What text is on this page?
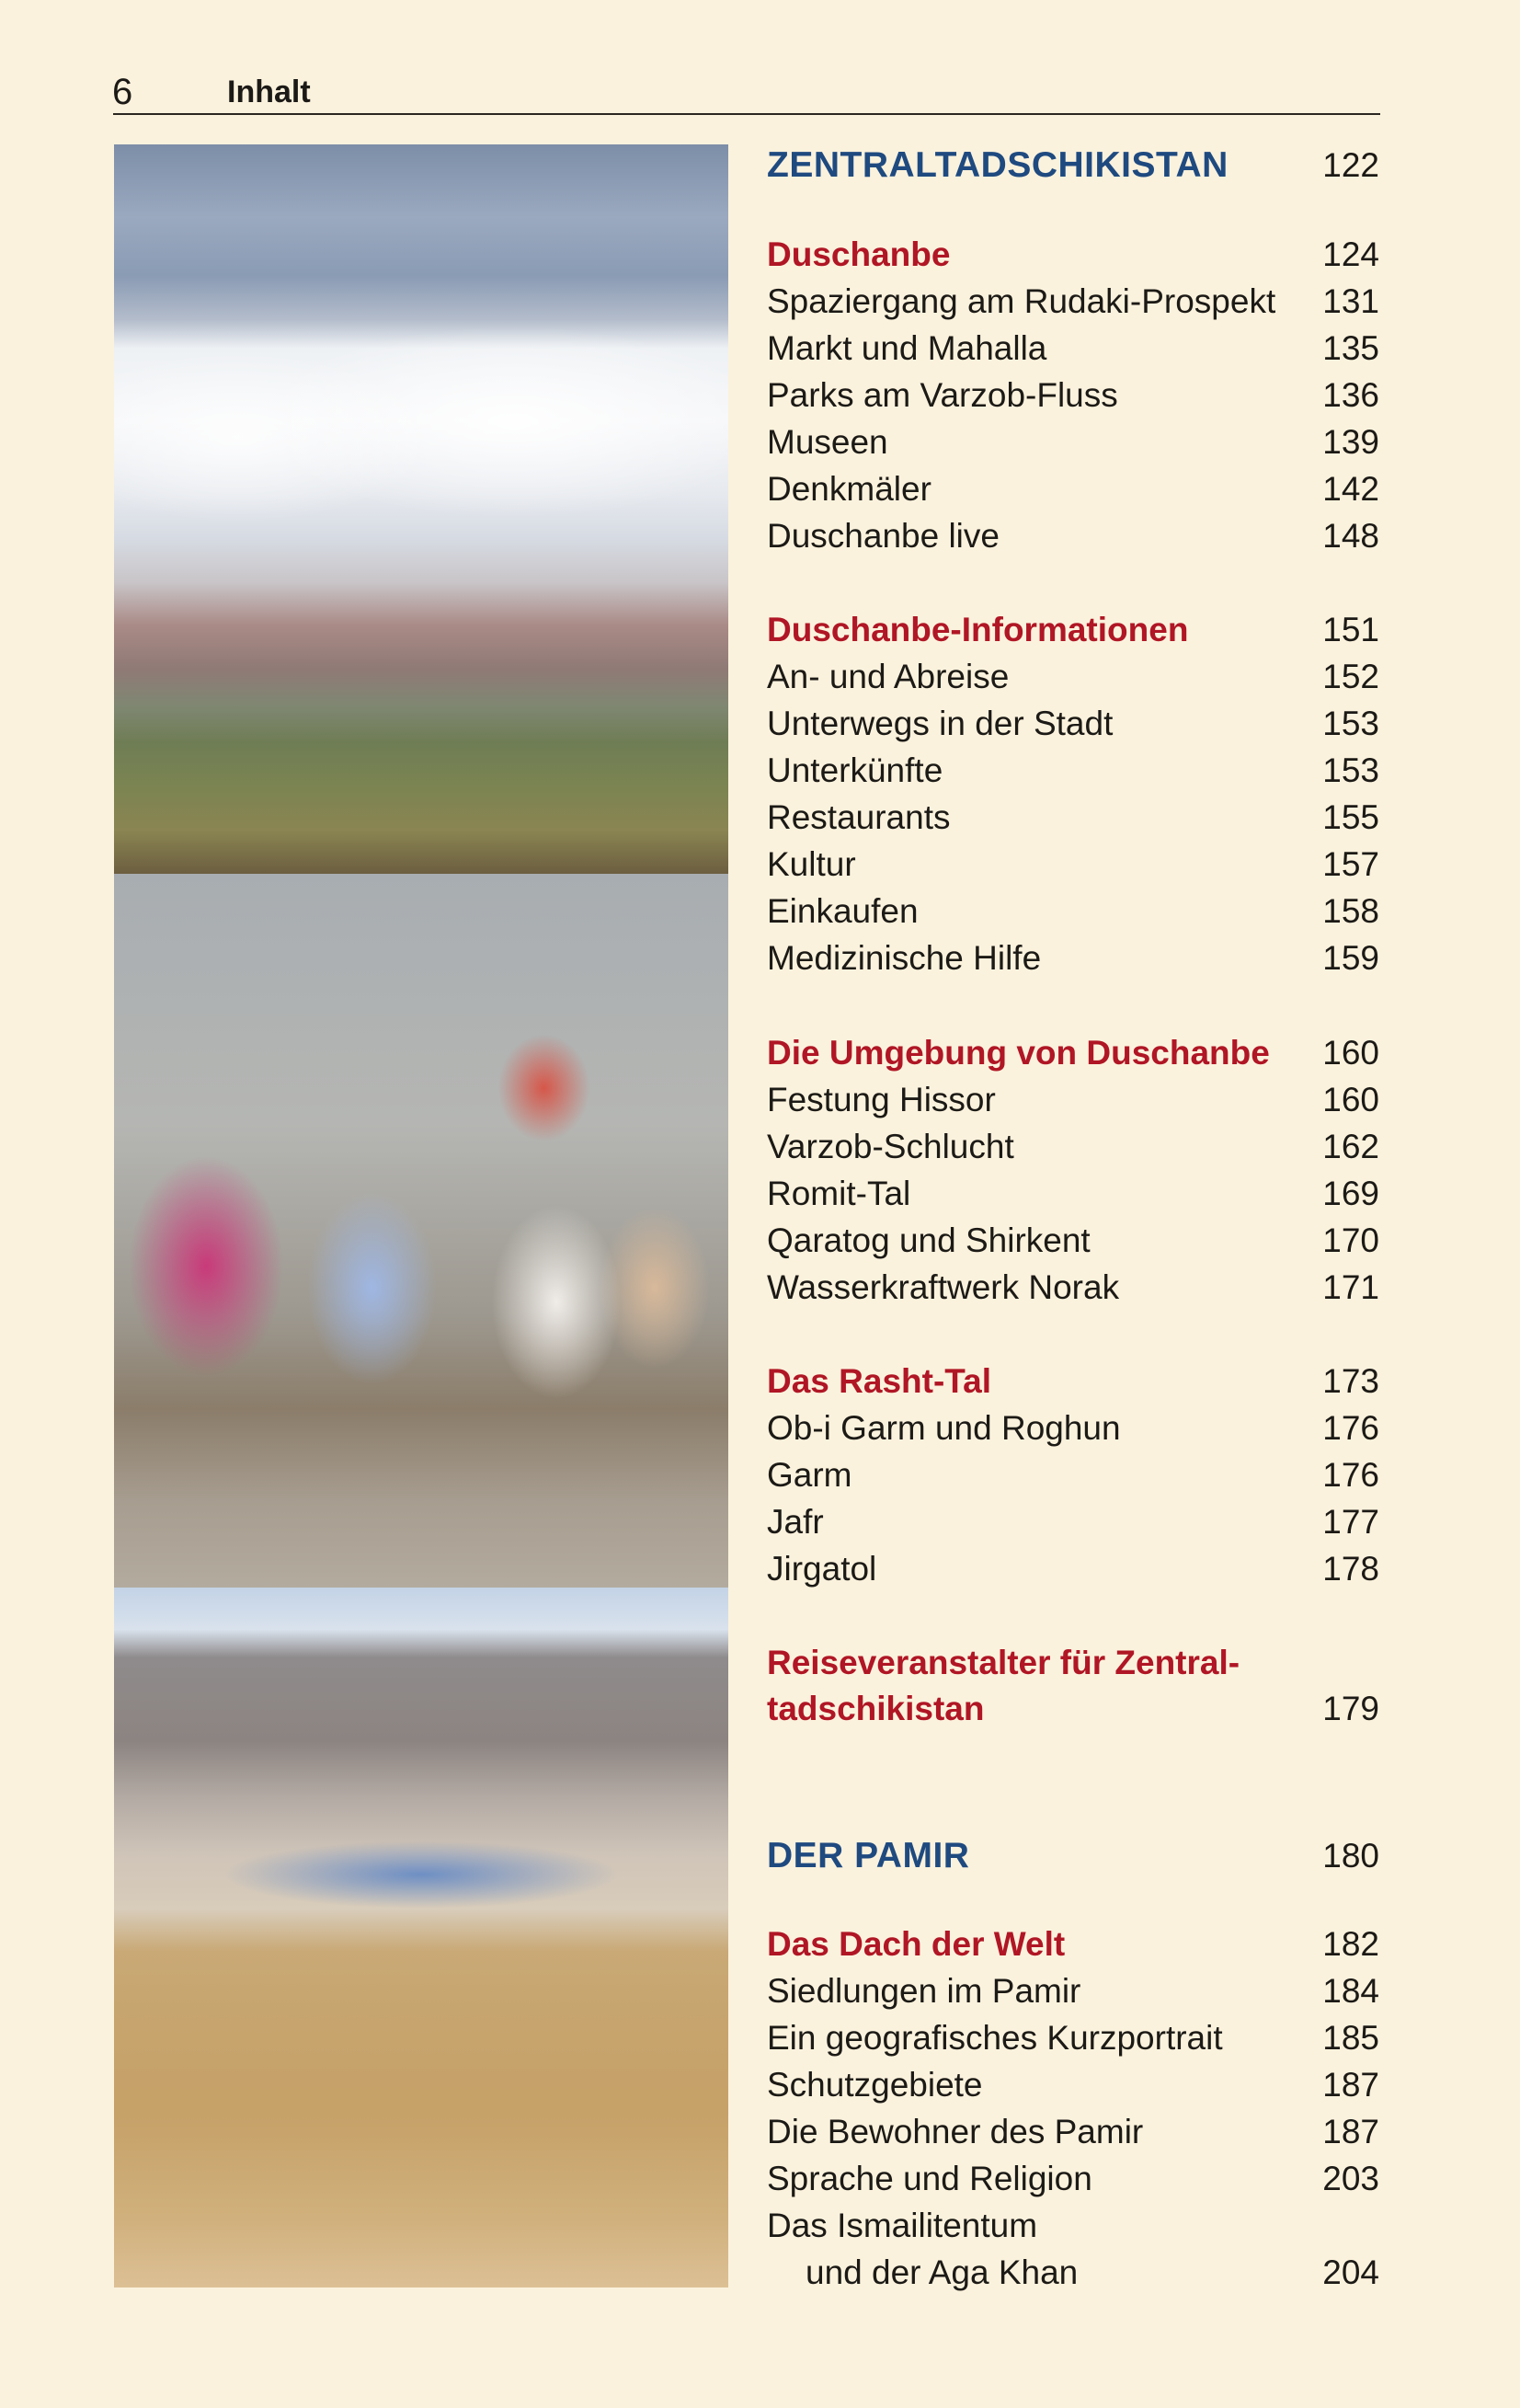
6	Inhalt
ZENTRALTADSCHIKISTAN	122
Duschanbe	124
Spaziergang am Rudaki-Prospekt 131
Markt und Mahalla	135
Parks am Varzob-Fluss	136
Museen	139
Denkmäler	142
Duschanbe live	148
Duschanbe-Informationen	151
An- und Abreise	152
Unterwegs in der Stadt	153
Unterkünfte	153
Restaurants	155
Kultur	157
Einkaufen	158
Medizinische Hilfe	159
Die Umgebung von Duschanbe 160
Festung Hissor	160
Varzob-Schlucht	162
Romit-Tal	169
Qaratog und Shirkent	170
Wasserkraftwerk Norak	171
Das Rasht-Tal	173
Ob-i Garm und Roghun	176
Garm	176
Jafr	177
Jirgatol	178
Reiseveranstalter für Zentral-
tadschikistan	179
DER PAMIR	180
Das Dach der Welt	182
Siedlungen im Pamir	184
Ein geografisches Kurzportrait	185
Schutzgebiete	187
Die Bewohner des Pamir	187
Sprache und Religion	203
Das Ismailitentum
und der Aga Khan	204
